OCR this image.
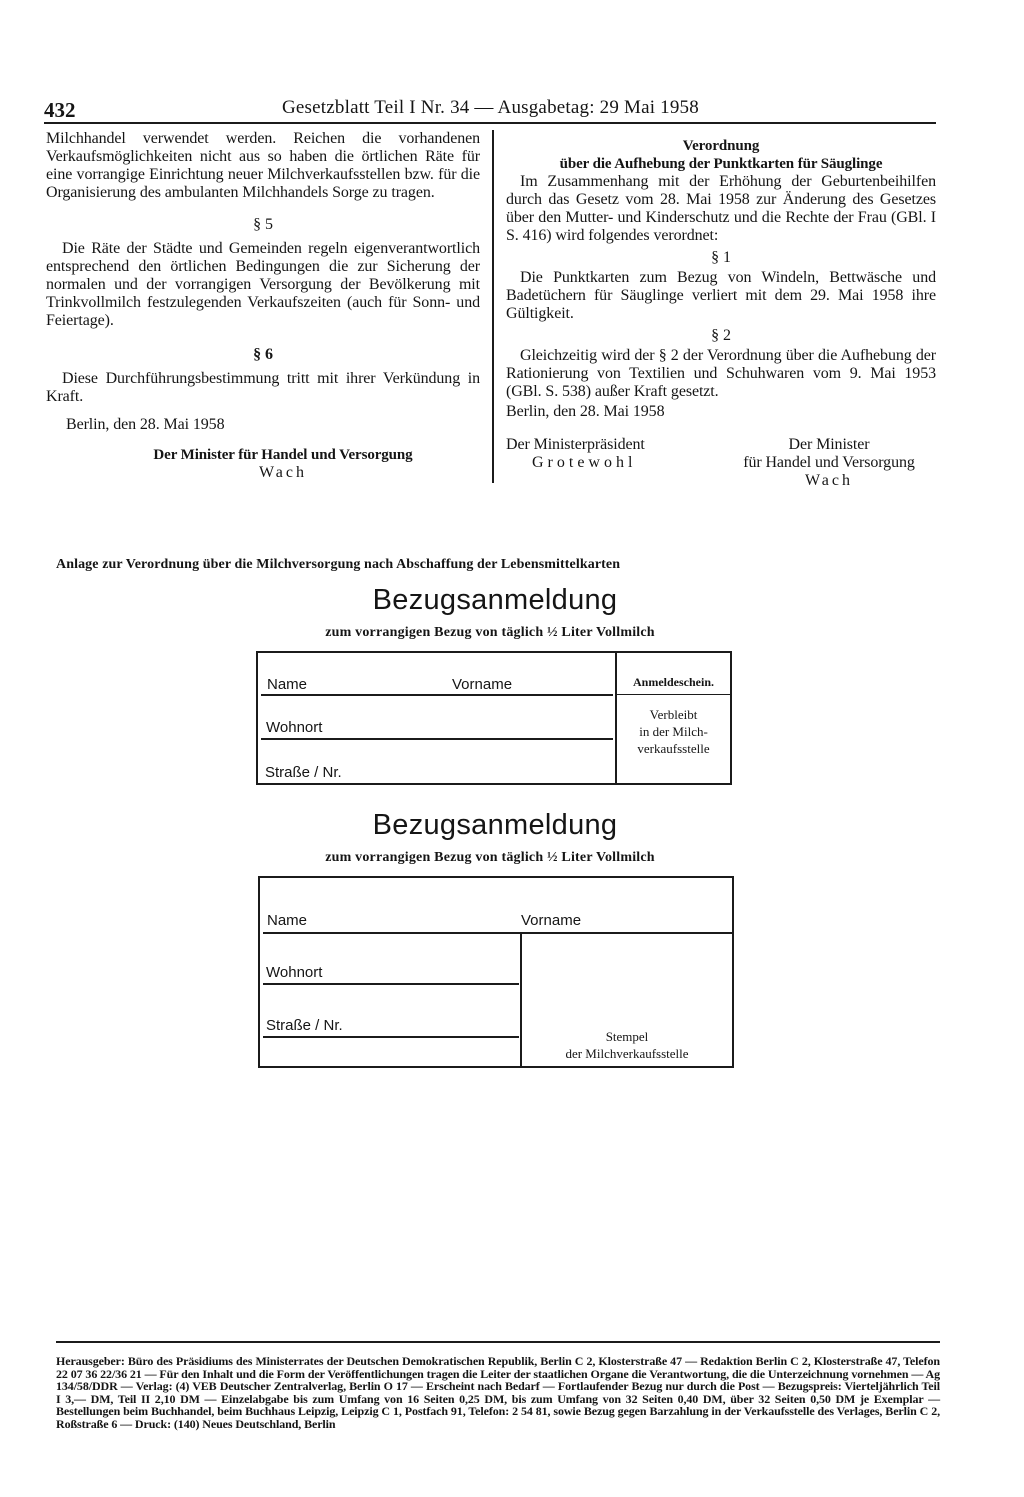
432	Gesetzblatt Teil I Nr. 34 — Ausgabetag: 29 Mai 1958

Milchhandel verwendet werden. Reichen die vorhandenen Verkaufsmöglichkeiten nicht aus so haben die örtlichen Räte für eine vorrangige Einrichtung neuer Milchverkaufsstellen bzw. für die Organisierung des ambulanten Milchhandels Sorge zu tragen.

§ 5

Die Räte der Städte und Gemeinden regeln eigenverantwortlich entsprechend den örtlichen Bedingungen die zur Sicherung der normalen und der vorrangigen Versorgung der Bevölkerung mit Trinkvollmilch festzulegenden Verkaufszeiten (auch für Sonn- und Feiertage).

§ 6

Diese Durchführungsbestimmung tritt mit ihrer Verkündung in Kraft.

Berlin, den 28. Mai 1958

Der Minister für Handel und Versorgung

Wach

Verordnung

über die Aufhebung der Punktkarten für Säuglinge

Im Zusammenhang mit der Erhöhung der Geburtenbeihilfen durch das Gesetz vom 28. Mai 1958 zur Änderung des Gesetzes über den Mutter- und Kinderschutz und die Rechte der Frau (GBl. I S. 416) wird folgendes verordnet:

§ 1

Die Punktkarten zum Bezug von Windeln, Bettwäsche und Badetüchern für Säuglinge verliert mit dem 29. Mai 1958 ihre Gültigkeit.

§ 2

Gleichzeitig wird der § 2 der Verordnung über die Aufhebung der Rationierung von Textilien und Schuhwaren vom 9. Mai 1953 (GBl. S. 538) außer Kraft gesetzt.

Berlin, den 28. Mai 1958

Der Ministerpräsident
Grotewohl
Der Minister
für Handel und Versorgung
Wach
Anlage zur Verordnung über die Milchversorgung nach Abschaffung der Lebensmittelkarten
Bezugsanmeldung
zum vorrangigen Bezug von täglich ½ Liter Vollmilch
Name	Vorname
Wohnort
Straße / Nr.
Anmeldeschein.
Verbleibt
in der Milch-
verkaufsstelle
Bezugsanmeldung
zum vorrangigen Bezug von täglich ½ Liter Vollmilch
Name	Vorname
Wohnort
Straße / Nr.
Stempel
der Milchverkaufsstelle
Herausgeber: Büro des Präsidiums des Ministerrates der Deutschen Demokratischen Republik, Berlin C 2, Klosterstraße 47 — Redaktion Berlin C 2, Klosterstraße 47, Telefon 22 07 36 22/36 21 — Für den Inhalt und die Form der Veröffentlichungen tragen die Leiter der staatlichen Organe die Verantwortung, die die Unterzeichnung vornehmen — Ag 134/58/DDR — Verlag: (4) VEB Deutscher Zentralverlag, Berlin O 17 — Erscheint nach Bedarf — Fortlaufender Bezug nur durch die Post — Bezugspreis: Vierteljährlich Teil I 3,— DM, Teil II 2,10 DM — Einzelabgabe bis zum Umfang von 16 Seiten 0,25 DM, bis zum Umfang von 32 Seiten 0,40 DM, über 32 Seiten 0,50 DM je Exemplar — Bestellungen beim Buchhandel, beim Buchhaus Leipzig, Leipzig C 1, Postfach 91, Telefon: 2 54 81, sowie Bezug gegen Barzahlung in der Verkaufsstelle des Verlages, Berlin C 2, Roßstraße 6 — Druck: (140) Neues Deutschland, Berlin
